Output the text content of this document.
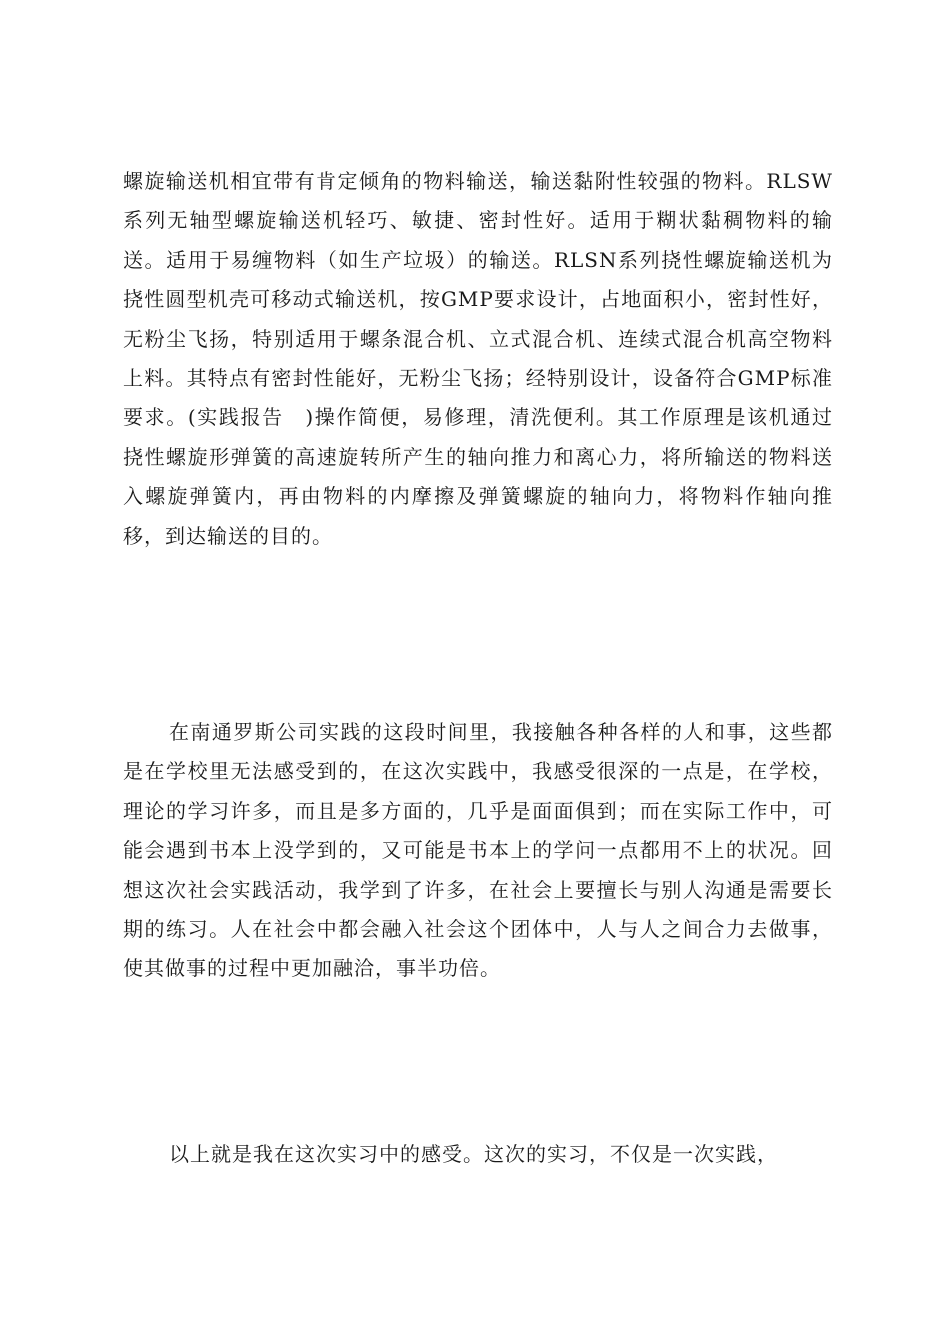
螺旋输送机相宜带有肯定倾角的物料输送，输送黏附性较强的物料。RLSW系列无轴型螺旋输送机轻巧、敏捷、密封性好。适用于糊状黏稠物料的输送。适用于易缠物料（如生产垃圾）的输送。RLSN系列挠性螺旋输送机为挠性圆型机壳可移动式输送机，按GMP要求设计，占地面积小，密封性好，无粉尘飞扬，特别适用于螺条混合机、立式混合机、连续式混合机高空物料上料。其特点有密封性能好，无粉尘飞扬；经特别设计，设备符合GMP标准要求。(实践报告　)操作简便，易修理，清洗便利。其工作原理是该机通过挠性螺旋形弹簧的高速旋转所产生的轴向推力和离心力，将所输送的物料送入螺旋弹簧内，再由物料的内摩擦及弹簧螺旋的轴向力，将物料作轴向推移，到达输送的目的。

在南通罗斯公司实践的这段时间里，我接触各种各样的人和事，这些都是在学校里无法感受到的，在这次实践中，我感受很深的一点是，在学校，理论的学习许多，而且是多方面的，几乎是面面俱到；而在实际工作中，可能会遇到书本上没学到的，又可能是书本上的学问一点都用不上的状况。回想这次社会实践活动，我学到了许多，在社会上要擅长与别人沟通是需要长期的练习。人在社会中都会融入社会这个团体中，人与人之间合力去做事，使其做事的过程中更加融洽，事半功倍。

以上就是我在这次实习中的感受。这次的实习，不仅是一次实践，
